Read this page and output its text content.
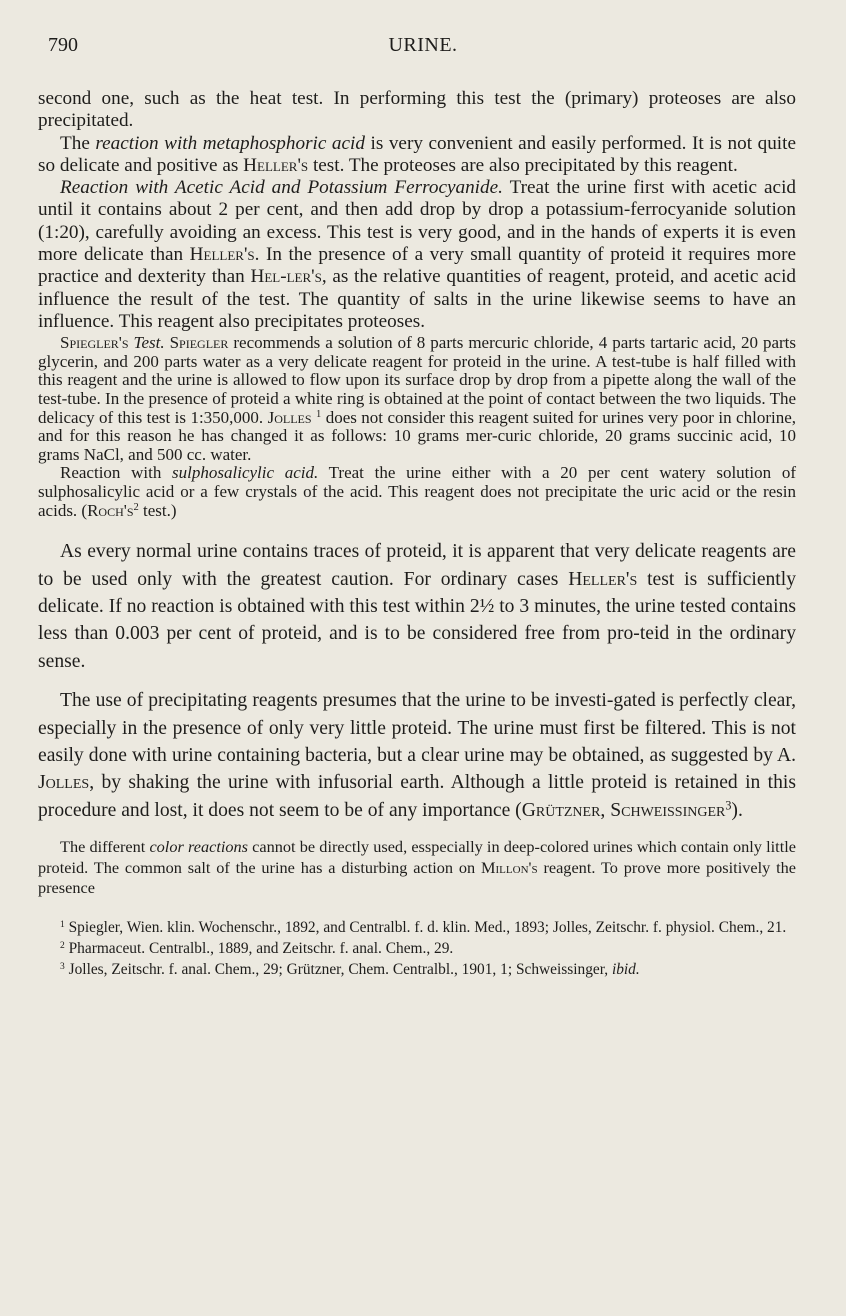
790	URINE.

second one, such as the heat test. In performing this test the (primary) proteoses are also precipitated.

The reaction with metaphosphoric acid is very convenient and easily performed. It is not quite so delicate and positive as Heller's test. The proteoses are also precipitated by this reagent.

Reaction with Acetic Acid and Potassium Ferrocyanide. Treat the urine first with acetic acid until it contains about 2 per cent, and then add drop by drop a potassium-ferrocyanide solution (1:20), carefully avoiding an excess. This test is very good, and in the hands of experts it is even more delicate than Heller's. In the presence of a very small quantity of proteid it requires more practice and dexterity than Hel-ler's, as the relative quantities of reagent, proteid, and acetic acid influence the result of the test. The quantity of salts in the urine likewise seems to have an influence. This reagent also precipitates proteoses.

Spiegler's Test. Spiegler recommends a solution of 8 parts mercuric chloride, 4 parts tartaric acid, 20 parts glycerin, and 200 parts water as a very delicate reagent for proteid in the urine. A test-tube is half filled with this reagent and the urine is allowed to flow upon its surface drop by drop from a pipette along the wall of the test-tube. In the presence of proteid a white ring is obtained at the point of contact between the two liquids. The delicacy of this test is 1:350,000. Jolles $^1$ does not consider this reagent suited for urines very poor in chlorine, and for this reason he has changed it as follows: 10 grams mer-curic chloride, 20 grams succinic acid, 10 grams NaCl, and 500 cc. water.

Reaction with sulphosalicylic acid. Treat the urine either with a 20 per cent watery solution of sulphosalicylic acid or a few crystals of the acid. This reagent does not precipitate the uric acid or the resin acids. ($Roch's^2$ test.)

As every normal urine contains traces of proteid, it is apparent that very delicate reagents are to be used only with the greatest caution. For ordinary cases Heller's test is sufficiently delicate. If no reaction is obtained with this test within 2½ to 3 minutes, the urine tested contains less than 0.003 per cent of proteid, and is to be considered free from pro-teid in the ordinary sense.

The use of precipitating reagents presumes that the urine to be investi-gated is perfectly clear, especially in the presence of only very little proteid. The urine must first be filtered. This is not easily done with urine containing bacteria, but a clear urine may be obtained, as suggested by A. Jolles, by shaking the urine with infusorial earth. Although a little proteid is retained in this procedure and lost, it does not seem to be of any importance (Grützner, Schweissinger$^3$).

The different color reactions cannot be directly used, esspecially in deep-colored urines which contain only little proteid. The common salt of the urine has a disturbing action on Millon's reagent. To prove more positively the presence

$^1$ Spiegler, Wien. klin. Wochenschr., 1892, and Centralbl. f. d. klin. Med., 1893; Jolles, Zeitschr. f. physiol. Chem., 21.

$^2$ Pharmaceut. Centralbl., 1889, and Zeitschr. f. anal. Chem., 29.

$^3$ Jolles, Zeitschr. f. anal. Chem., 29; Grützner, Chem. Centralbl., 1901, 1; Schweissinger, ibid.
